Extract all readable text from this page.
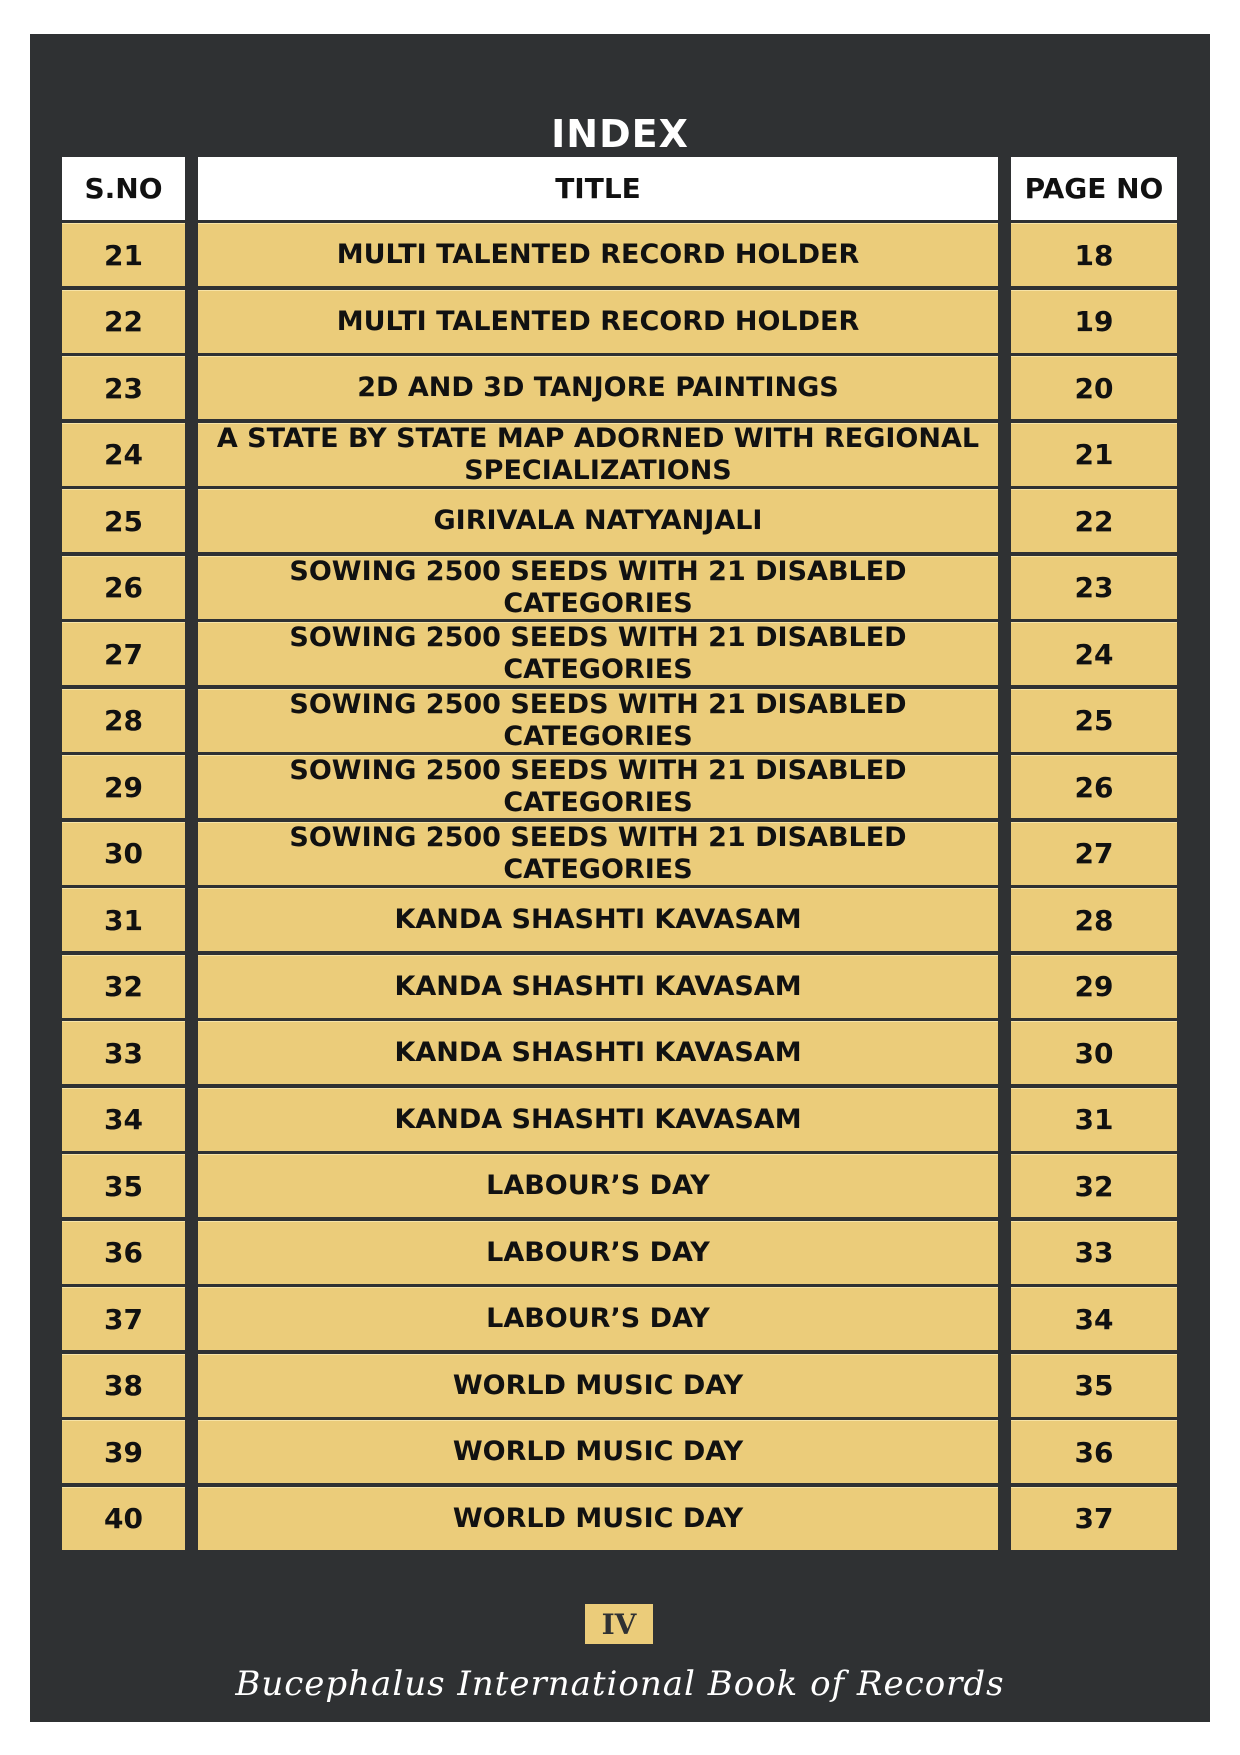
INDEX
S.NO	TITLE	PAGE NO
21	MULTI TALENTED RECORD HOLDER	18
22	MULTI TALENTED RECORD HOLDER	19
23	2D AND 3D TANJORE PAINTINGS	20
24	A STATE BY STATE MAP ADORNED WITH REGIONAL SPECIALIZATIONS	21
25	GIRIVALA NATYANJALI	22
26	SOWING 2500 SEEDS WITH 21 DISABLED CATEGORIES	23
27	SOWING 2500 SEEDS WITH 21 DISABLED CATEGORIES	24
28	SOWING 2500 SEEDS WITH 21 DISABLED CATEGORIES	25
29	SOWING 2500 SEEDS WITH 21 DISABLED CATEGORIES	26
30	SOWING 2500 SEEDS WITH 21 DISABLED CATEGORIES	27
31	KANDA SHASHTI KAVASAM	28
32	KANDA SHASHTI KAVASAM	29
33	KANDA SHASHTI KAVASAM	30
34	KANDA SHASHTI KAVASAM	31
35	LABOUR’S DAY	32
36	LABOUR’S DAY	33
37	LABOUR’S DAY	34
38	WORLD MUSIC DAY	35
39	WORLD MUSIC DAY	36
40	WORLD MUSIC DAY	37
IV
Bucephalus International Book of Records
